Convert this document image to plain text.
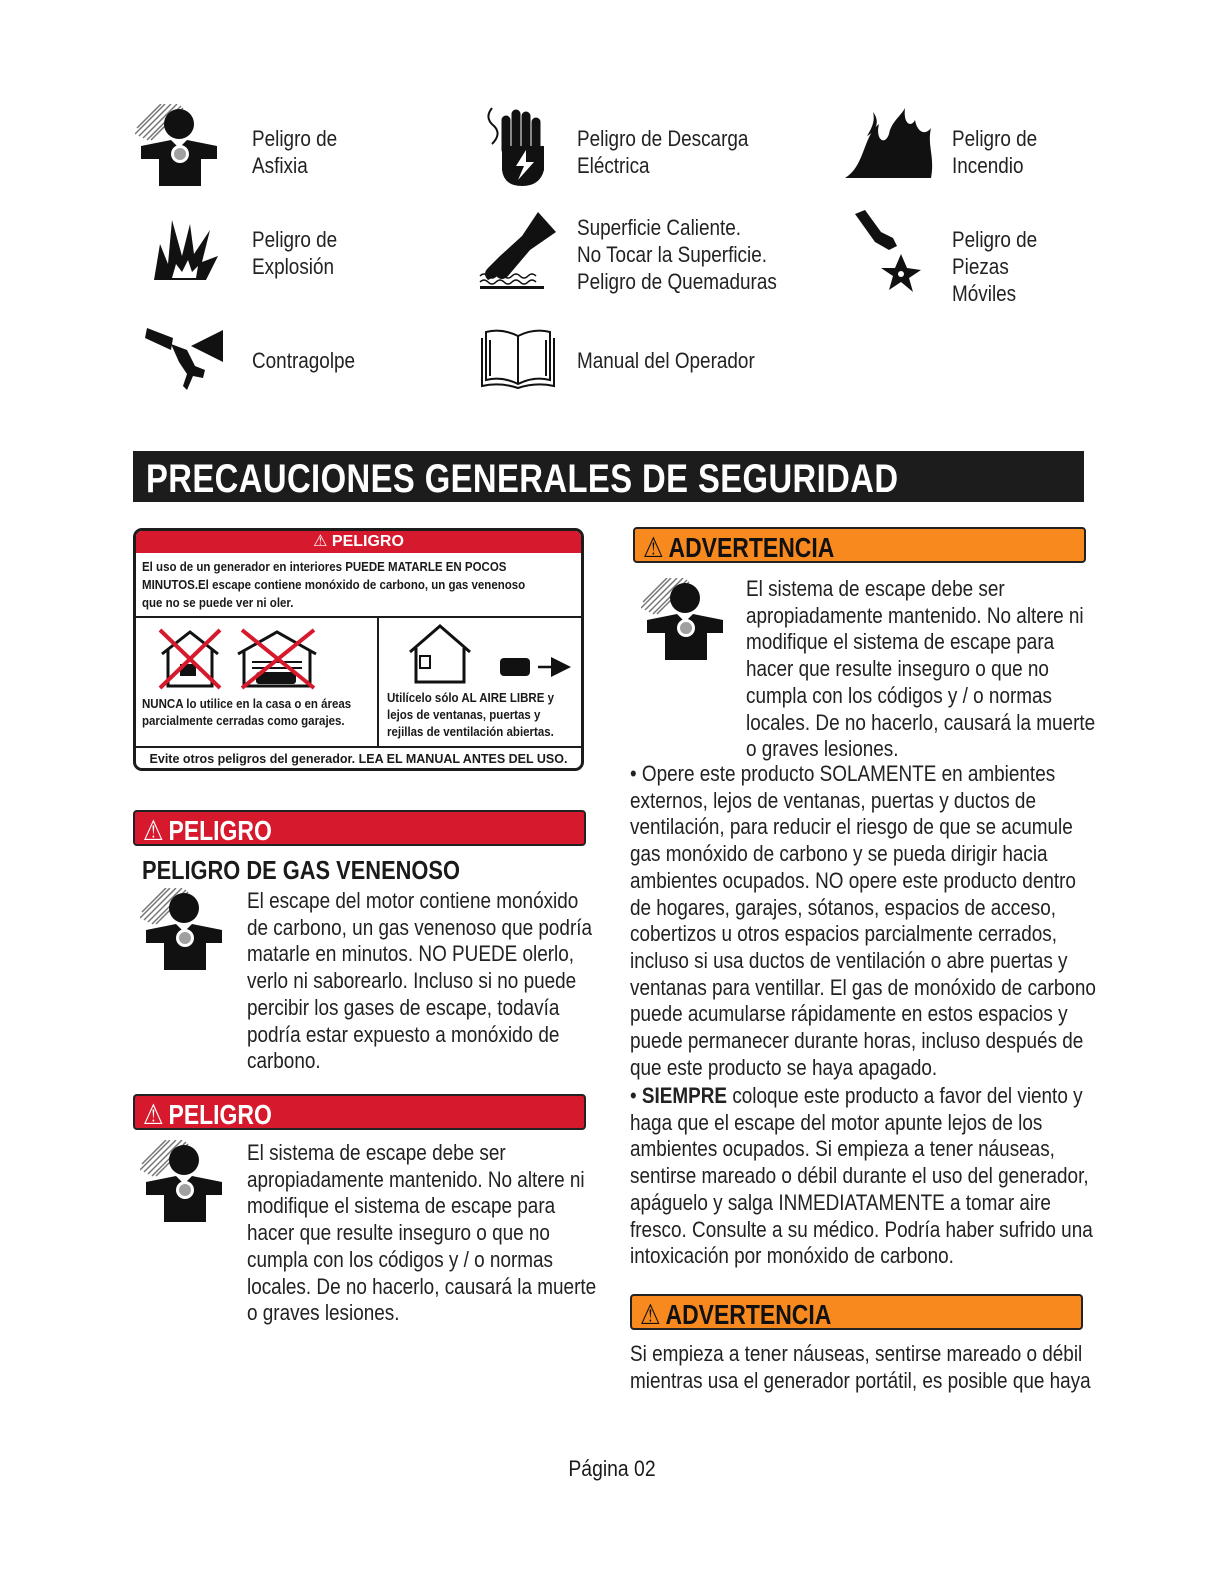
Peligro de
Asfixia
Peligro de Descarga
Eléctrica
Peligro de
Incendio
Peligro de
Explosión
Superficie Caliente.
No Tocar la Superficie.
Peligro de Quemaduras
Peligro de
Piezas
Móviles
Contragolpe	Manual del Operador
PRECAUCIONES GENERALES DE SEGURIDAD
⚠ PELIGRO
El uso de un generador en interiores PUEDE MATARLE EN POCOS MINUTOS.El escape contiene monóxido de carbono, un gas venenoso que no se puede ver ni oler.
NUNCA lo utilice en la casa o en áreas parcialmente cerradas como garajes.
Utilícelo sólo AL AIRE LIBRE y lejos de ventanas, puertas y rejillas de ventilación abiertas.
Evite otros peligros del generador. LEA EL MANUAL ANTES DEL USO.
⚠ PELIGRO
PELIGRO DE GAS VENENOSO
El escape del motor contiene monóxido de carbono, un gas venenoso que podría matarle en minutos. NO PUEDE olerlo, verlo ni saborearlo. Incluso si no puede percibir los gases de escape, todavía podría estar expuesto a monóxido de carbono.
⚠ PELIGRO
El sistema de escape debe ser apropiadamente mantenido. No altere ni modifique el sistema de escape para hacer que resulte inseguro o que no cumpla con los códigos y / o normas locales. De no hacerlo, causará la muerte o graves lesiones.
⚠ ADVERTENCIA
El sistema de escape debe ser apropiadamente mantenido. No altere ni modifique el sistema de escape para hacer que resulte inseguro o que no cumpla con los códigos y / o normas locales. De no hacerlo, causará la muerte o graves lesiones.
• Opere este producto SOLAMENTE en ambientes externos, lejos de ventanas, puertas y ductos de ventilación, para reducir el riesgo de que se acumule gas monóxido de carbono y se pueda dirigir hacia ambientes ocupados. NO opere este producto dentro de hogares, garajes, sótanos, espacios de acceso, cobertizos u otros espacios parcialmente cerrados, incluso si usa ductos de ventilación o abre puertas y ventanas para ventillar. El gas de monóxido de carbono puede acumularse rápidamente en estos espacios y puede permanecer durante horas, incluso después de que este producto se haya apagado.
• SIEMPRE coloque este producto a favor del viento y haga que el escape del motor apunte lejos de los ambientes ocupados. Si empieza a tener náuseas, sentirse mareado o débil durante el uso del generador, apáguelo y salga INMEDIATAMENTE a tomar aire fresco. Consulte a su médico. Podría haber sufrido una intoxicación por monóxido de carbono.
⚠ ADVERTENCIA
Si empieza a tener náuseas, sentirse mareado o débil mientras usa el generador portátil, es posible que haya
Página 02
